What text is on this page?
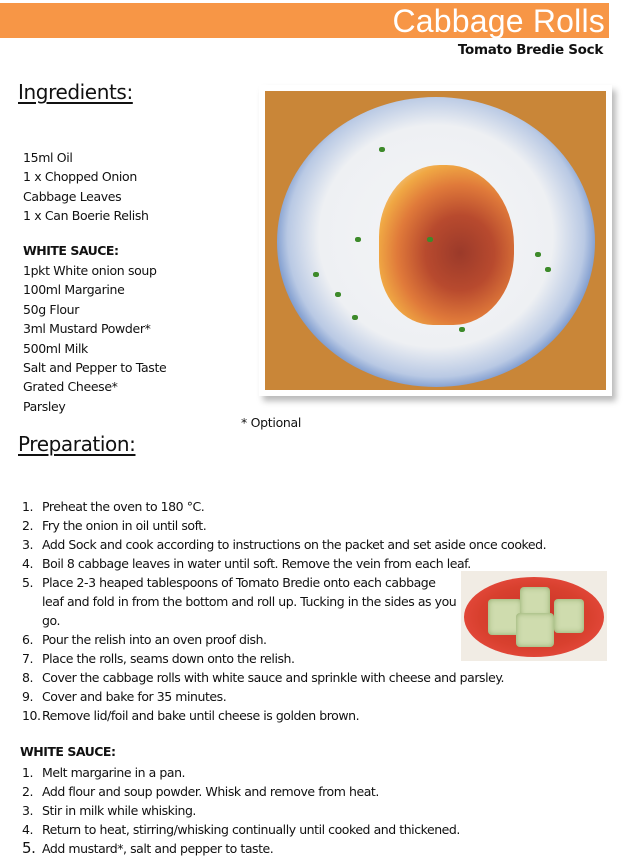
Cabbage Rolls
Tomato Bredie Sock
Ingredients:
15ml Oil
1 x Chopped Onion
Cabbage Leaves
1 x Can Boerie Relish
WHITE SAUCE:
1pkt White onion soup
100ml Margarine
50g Flour
3ml Mustard Powder*
500ml Milk
Salt and Pepper to Taste
Grated Cheese*
Parsley
* Optional
Preparation:
1. Preheat the oven to 180 °C.
2. Fry the onion in oil until soft.
3. Add Sock and cook according to instructions on the packet and set aside once cooked.
4. Boil 8 cabbage leaves in water until soft. Remove the vein from each leaf.
5. Place 2-3 heaped tablespoons of Tomato Bredie onto each cabbage leaf and fold in from the bottom and roll up. Tucking in the sides as you go.
6. Pour the relish into an oven proof dish.
7. Place the rolls, seams down onto the relish.
8. Cover the cabbage rolls with white sauce and sprinkle with cheese and parsley.
9. Cover and bake for 35 minutes.
10. Remove lid/foil and bake until cheese is golden brown.
WHITE SAUCE:
1. Melt margarine in a pan.
2. Add flour and soup powder. Whisk and remove from heat.
3. Stir in milk while whisking.
4. Return to heat, stirring/whisking continually until cooked and thickened.
5. Add mustard*, salt and pepper to taste.
